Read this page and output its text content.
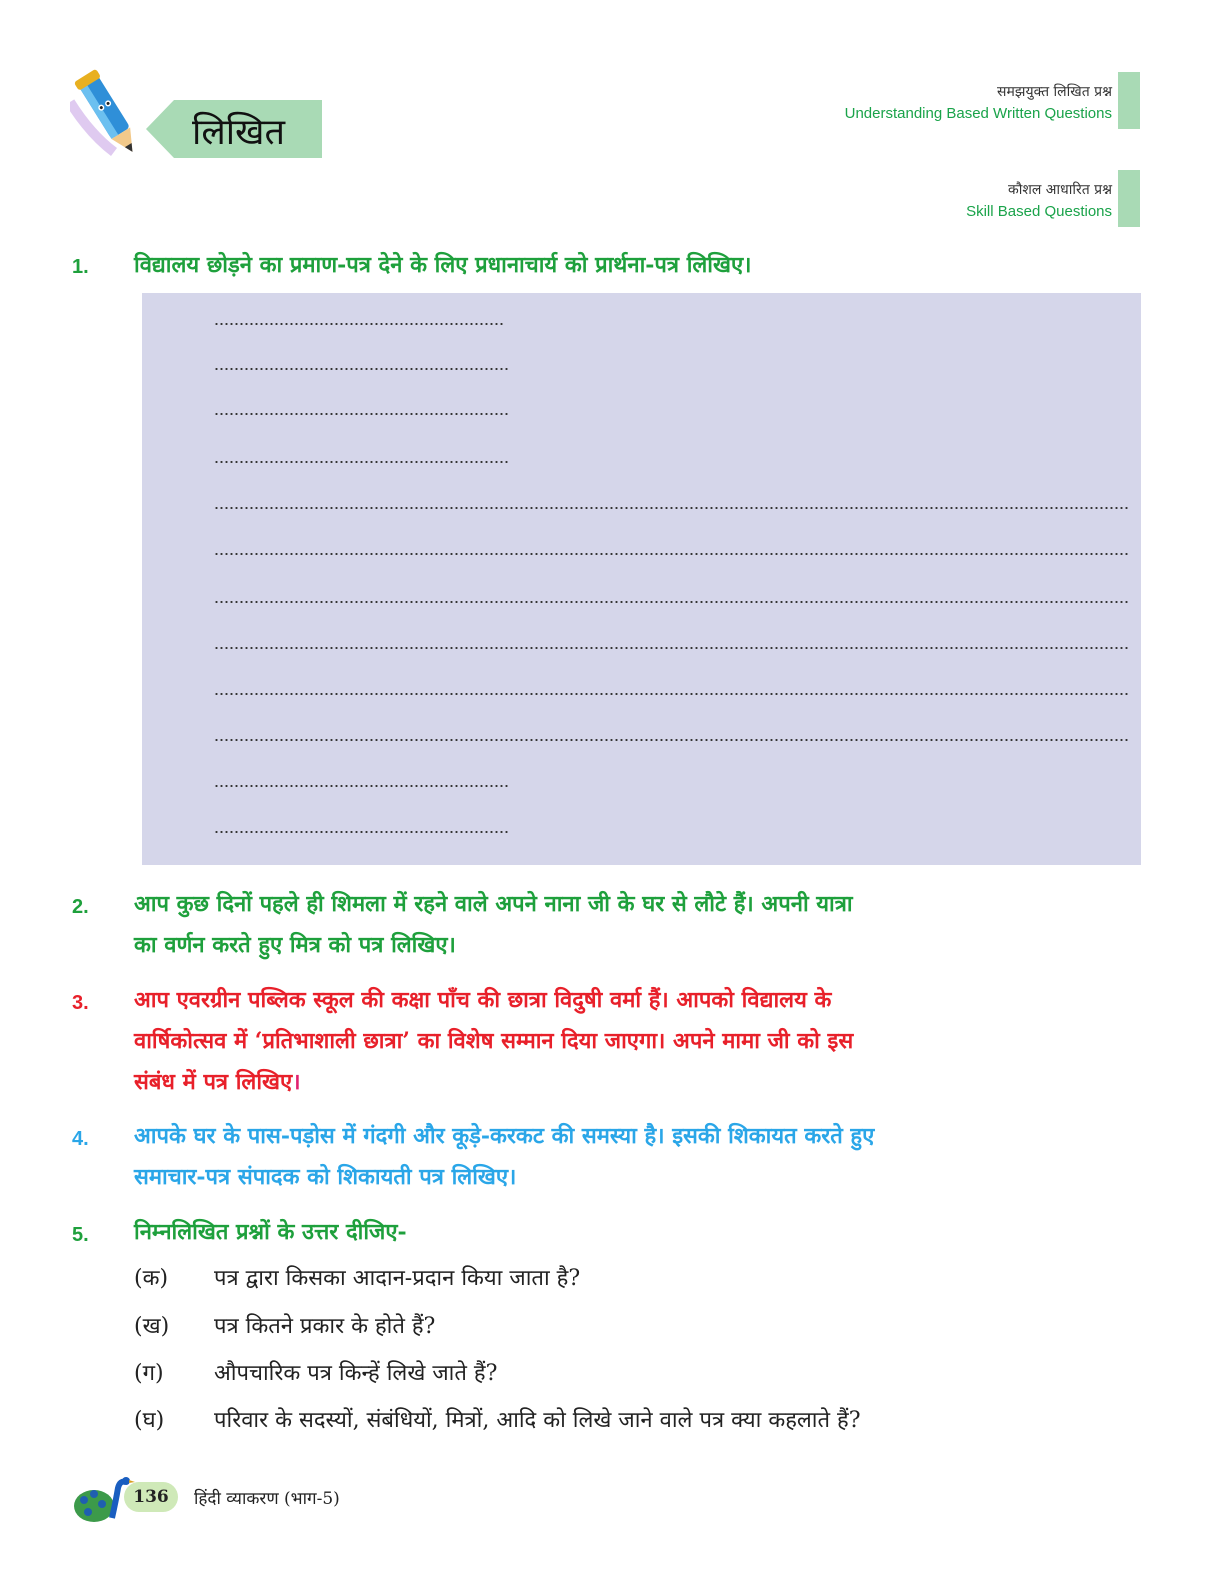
लिखित
समझयुक्त लिखित प्रश्न
Understanding Based Written Questions
कौशल आधारित प्रश्न
Skill Based Questions
1. विद्यालय छोड़ने का प्रमाण-पत्र देने के लिए प्रधानाचार्य को प्रार्थना-पत्र लिखिए।
2. आप कुछ दिनों पहले ही शिमला में रहने वाले अपने नाना जी के घर से लौटे हैं। अपनी यात्रा
का वर्णन करते हुए मित्र को पत्र लिखिए।
3. आप एवरग्रीन पब्लिक स्कूल की कक्षा पाँच की छात्रा विदुषी वर्मा हैं। आपको विद्यालय के
वार्षिकोत्सव में ‘प्रतिभाशाली छात्रा’ का विशेष सम्मान दिया जाएगा। अपने मामा जी को इस
संबंध में पत्र लिखिए।
4. आपके घर के पास-पड़ोस में गंदगी और कूड़े-करकट की समस्या है। इसकी शिकायत करते हुए
समाचार-पत्र संपादक को शिकायती पत्र लिखिए।
5. निम्नलिखित प्रश्नों के उत्तर दीजिए-
(क) पत्र द्वारा किसका आदान-प्रदान किया जाता है?
(ख) पत्र कितने प्रकार के होते हैं?
(ग) औपचारिक पत्र किन्हें लिखे जाते हैं?
(घ) परिवार के सदस्यों, संबंधियों, मित्रों, आदि को लिखे जाने वाले पत्र क्या कहलाते हैं?
136	हिंदी व्याकरण (भाग-5)
